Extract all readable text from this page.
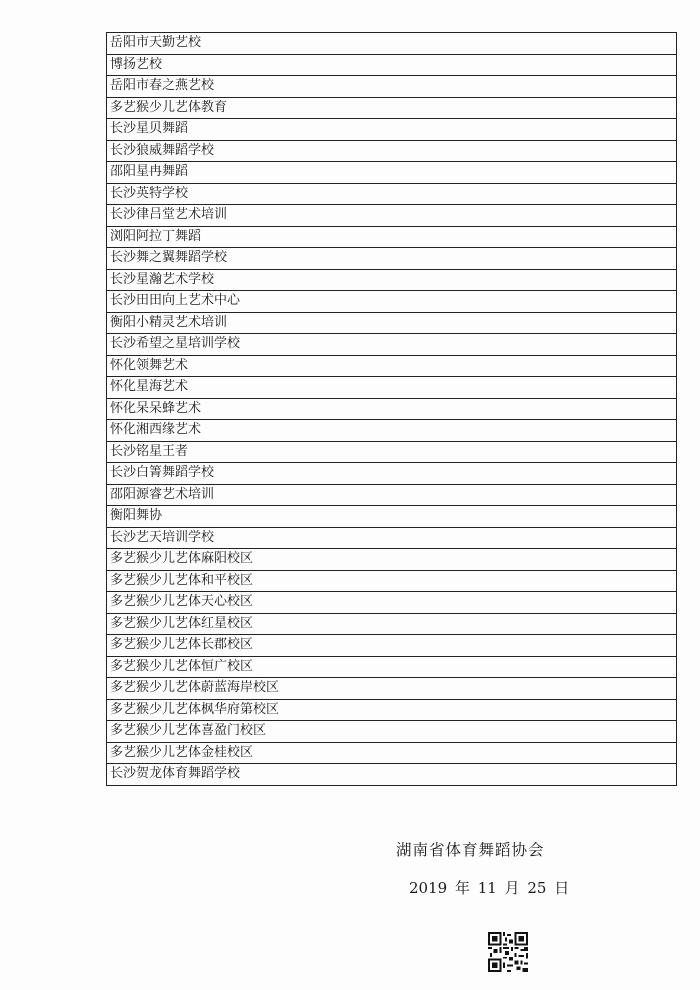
岳阳市天勤艺校
博扬艺校
岳阳市春之燕艺校
多艺猴少儿艺体教育
长沙星贝舞蹈
长沙狼威舞蹈学校
邵阳星冉舞蹈
长沙英特学校
长沙律吕堂艺术培训
浏阳阿拉丁舞蹈
长沙舞之翼舞蹈学校
长沙星瀚艺术学校
长沙田田向上艺术中心
衡阳小精灵艺术培训
长沙希望之星培训学校
怀化领舞艺术
怀化星海艺术
怀化呆呆蜂艺术
怀化湘西缘艺术
长沙铭星王者
长沙白箐舞蹈学校
邵阳源睿艺术培训
衡阳舞协
长沙艺天培训学校
多艺猴少儿艺体麻阳校区
多艺猴少儿艺体和平校区
多艺猴少儿艺体天心校区
多艺猴少儿艺体红星校区
多艺猴少儿艺体长郡校区
多艺猴少儿艺体恒广校区
多艺猴少儿艺体蔚蓝海岸校区
多艺猴少儿艺体枫华府第校区
多艺猴少儿艺体喜盈门校区
多艺猴少儿艺体金桂校区
长沙贺龙体育舞蹈学校
湖南省体育舞蹈协会
2019 年 11 月 25 日
